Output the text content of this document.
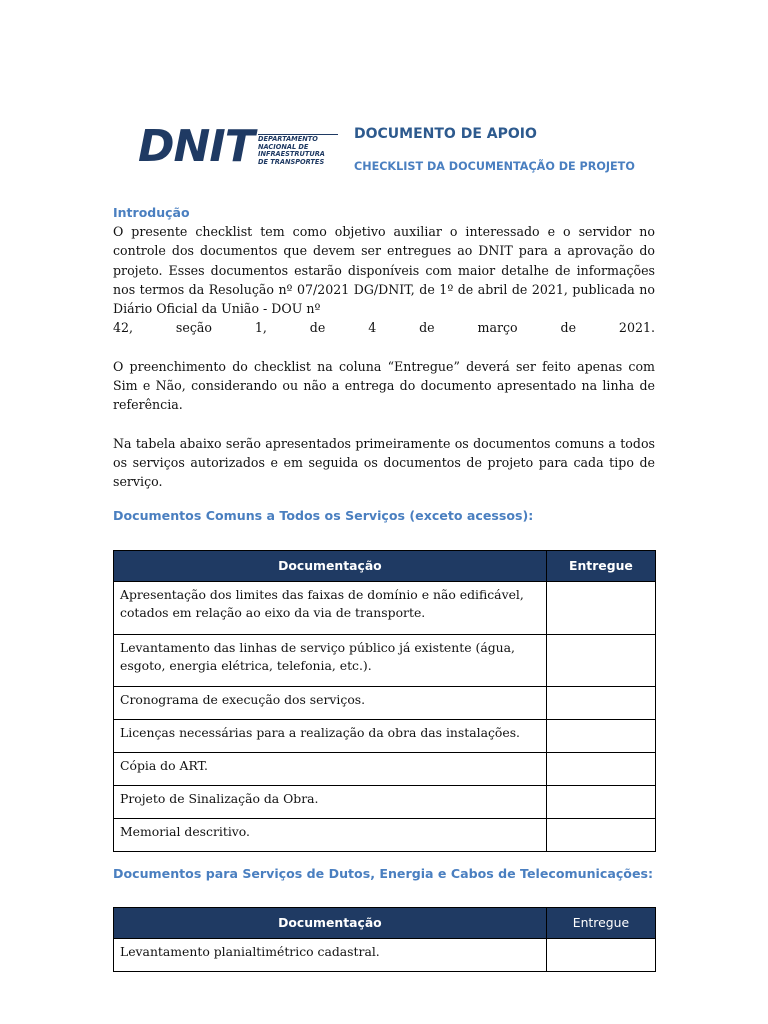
DNIT DEPARTAMENTO
NACIONAL DE
INFRAESTRUTURA
DE TRANSPORTES
DOCUMENTO DE APOIO
CHECKLIST DA DOCUMENTAÇÃO DE PROJETO
Introdução

O presente checklist tem como objetivo auxiliar o interessado e o servidor no controle dos documentos que devem ser entregues ao DNIT para a aprovação do projeto. Esses documentos estarão disponíveis com maior detalhe de informações nos termos da Resolução nº 07/2021 DG/DNIT, de 1º de abril de 2021, publicada no Diário Oficial da União - DOU nº

42, seção 1, de 4 de março de 2021.

O preenchimento do checklist na coluna “Entregue” deverá ser feito apenas com Sim e Não, considerando ou não a entrega do documento apresentado na linha de referência.

Na tabela abaixo serão apresentados primeiramente os documentos comuns a todos os serviços autorizados e em seguida os documentos de projeto para cada tipo de serviço.

Documentos Comuns a Todos os Serviços (exceto acessos):
Documentação	Entregue
Apresentação dos limites das faixas de domínio e não edificável, cotados em relação ao eixo da via de transporte.	
Levantamento das linhas de serviço público já existente (água, esgoto, energia elétrica, telefonia, etc.).	
Cronograma de execução dos serviços.	
Licenças necessárias para a realização da obra das instalações.	
Cópia do ART.	
Projeto de Sinalização da Obra.	
Memorial descritivo.	
Documentos para Serviços de Dutos, Energia e Cabos de Telecomunicações:
Documentação	Entregue
Levantamento planialtimétrico cadastral.	
